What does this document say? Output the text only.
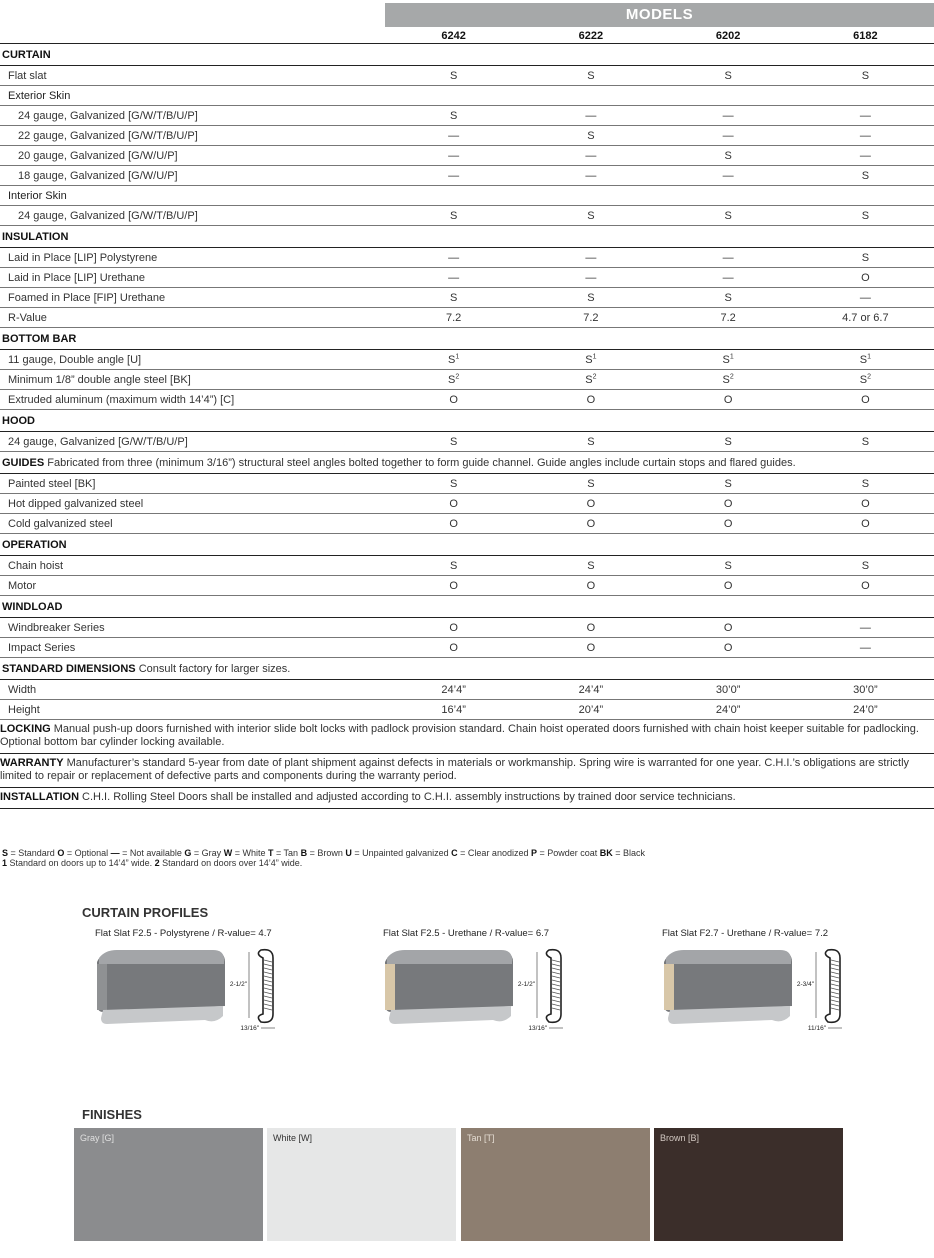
MODELS
6242	6222	6202	6182
CURTAIN
Flat slat	S	S	S	S
Exterior Skin
24 gauge, Galvanized [G/W/T/B/U/P]	S	—	—	—
22 gauge, Galvanized [G/W/T/B/U/P]	—	S	—	—
20 gauge, Galvanized [G/W/U/P]	—	—	S	—
18 gauge, Galvanized [G/W/U/P]	—	—	—	S
Interior Skin
24 gauge, Galvanized [G/W/T/B/U/P]	S	S	S	S
INSULATION
Laid in Place [LIP] Polystyrene	—	—	—	S
Laid in Place [LIP] Urethane	—	—	—	O
Foamed in Place [FIP] Urethane	S	S	S	—
R-Value	7.2	7.2	7.2	4.7 or 6.7
BOTTOM BAR
11 gauge, Double angle [U]	$S^1$	$S^1$	$S^1$	$S^1$
Minimum 1/8” double angle steel [BK]	$S^2$	$S^2$	$S^2$	$S^2$
Extruded aluminum (maximum width 14’4”) [C]	O	O	O	O
HOOD
24 gauge, Galvanized [G/W/T/B/U/P]	S	S	S	S
GUIDES Fabricated from three (minimum 3/16”) structural steel angles bolted together to form guide channel. Guide angles include curtain stops and flared guides.
Painted steel [BK]	S	S	S	S
Hot dipped galvanized steel	O	O	O	O
Cold galvanized steel	O	O	O	O
OPERATION
Chain hoist	S	S	S	S
Motor	O	O	O	O
WINDLOAD
Windbreaker Series	O	O	O	—
Impact Series	O	O	O	—
STANDARD DIMENSIONS Consult factory for larger sizes.
Width	24’4”	24’4”	30’0”	30’0”
Height	16’4”	20’4”	24’0”	24’0”
LOCKING Manual push-up doors furnished with interior slide bolt locks with padlock provision standard. Chain hoist operated doors furnished with chain hoist keeper suitable for padlocking. Optional bottom bar cylinder locking available.
WARRANTY Manufacturer’s standard 5-year from date of plant shipment against defects in materials or workmanship. Spring wire is warranted for one year. C.H.I.’s obligations are strictly limited to repair or replacement of defective parts and components during the warranty period.
INSTALLATION C.H.I. Rolling Steel Doors shall be installed and adjusted according to C.H.I. assembly instructions by trained door service technicians.
S = Standard O = Optional — = Not available G = Gray W = White T = Tan B = Brown U = Unpainted galvanized C = Clear anodized P = Powder coat BK = Black
1 Standard on doors up to 14’4” wide. 2 Standard on doors over 14’4” wide.
CURTAIN PROFILES
Flat Slat F2.5 - Polystyrene / R-value= 4.7
2-1/2"
13/16"
Flat Slat F2.5 - Urethane / R-value= 6.7
2-1/2"
13/16"
Flat Slat F2.7 - Urethane / R-value= 7.2
2-3/4"
11/16"
FINISHES
Gray [G]	White [W]	Tan [T]	Brown [B]
